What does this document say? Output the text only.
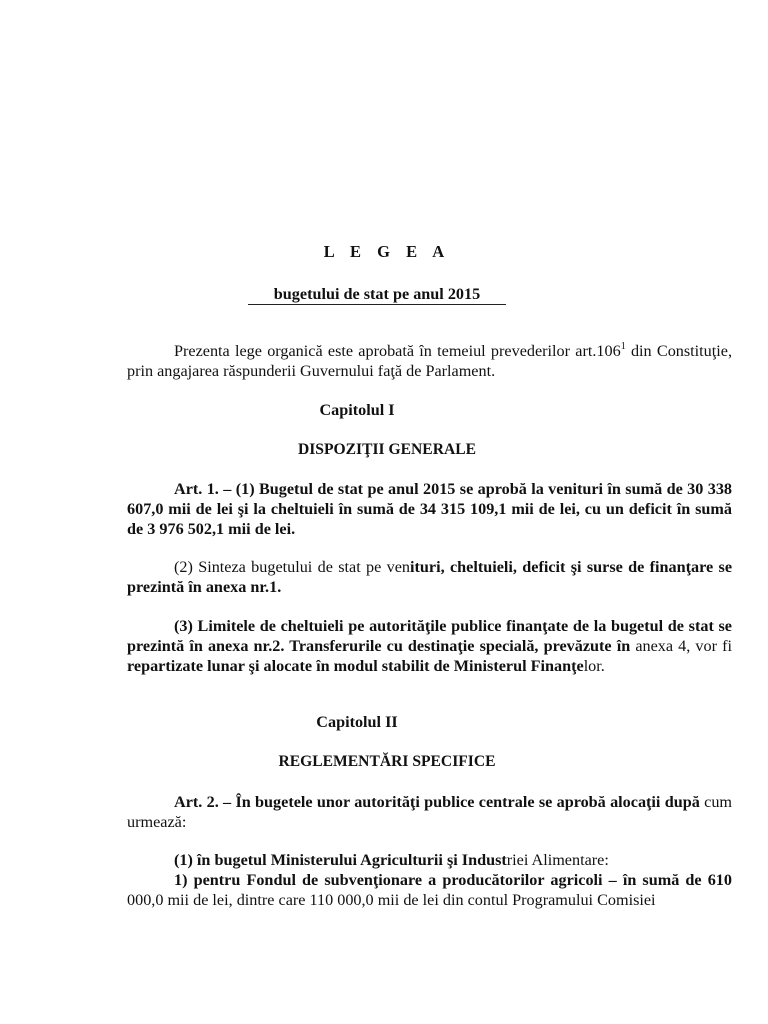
L E G E A
bugetului de stat pe anul 2015
Prezenta lege organică este aprobată în temeiul prevederilor art.106$^1$ din Constituţie, prin angajarea răspunderii Guvernului faţă de Parlament.
Capitolul I
DISPOZIŢII GENERALE
Art. 1. – (1) Bugetul de stat pe anul 2015 se aprobă la venituri în sumă de 30 338 607,0 mii de lei şi la cheltuieli în sumă de 34 315 109,1 mii de lei, cu un deficit în sumă de 3 976 502,1 mii de lei.
(2) Sinteza bugetului de stat pe venituri, cheltuieli, deficit şi surse de finanţare se prezintă în anexa nr.1.
(3) Limitele de cheltuieli pe autorităţile publice finanţate de la bugetul de stat se prezintă în anexa nr.2. Transferurile cu destinaţie specială, prevăzute în anexa 4, vor fi repartizate lunar şi alocate în modul stabilit de Ministerul Finanţelor.
Capitolul II
REGLEMENTĂRI SPECIFICE
Art. 2. – În bugetele unor autorităţi publice centrale se aprobă alocaţii după cum urmează:
(1) în bugetul Ministerului Agriculturii şi Industriei Alimentare:
1) pentru Fondul de subvenţionare a producătorilor agricoli – în sumă de 610 000,0 mii de lei, dintre care 110 000,0 mii de lei din contul Programului Comisiei
